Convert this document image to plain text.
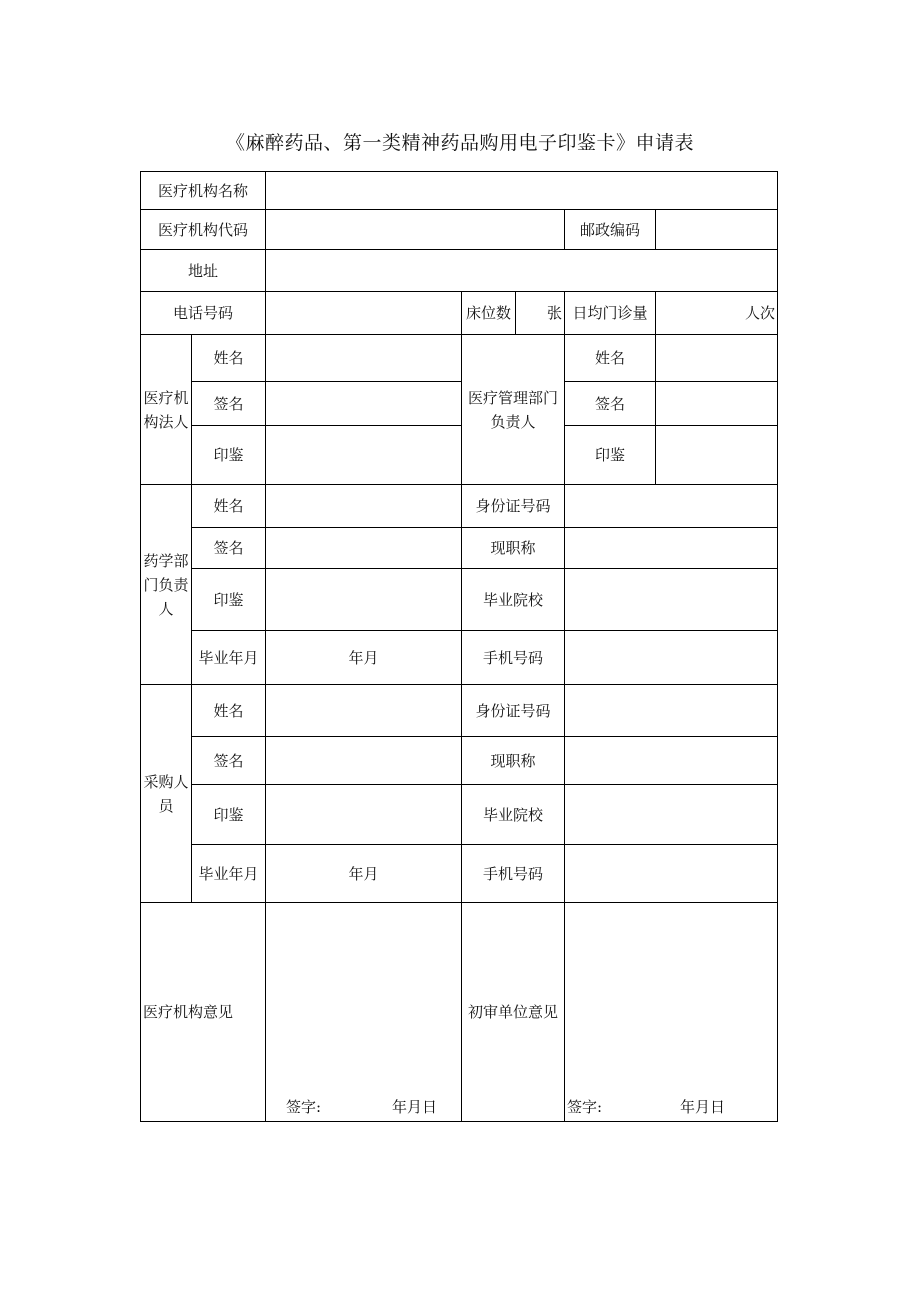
《麻醉药品、第一类精神药品购用电子印鉴卡》申请表
医疗机构名称						
医疗机构代码					邮政编码	
地址						
电话号码			床位数	张	日均门诊量	人次
医疗机构法人	姓名		医疗管理部门负责人		姓名	
	签名				签名	
	印鉴				印鉴	
药学部门负责人	姓名		身份证号码			
	签名		现职称			
	印鉴		毕业院校			
	毕业年月	年月	手机号码			
采购人员	姓名		身份证号码			
	签名		现职称			
	印鉴		毕业院校			
	毕业年月	年月	手机号码			
医疗机构意见		签字: 年月日	初审单位意见		签字: 年月日	
